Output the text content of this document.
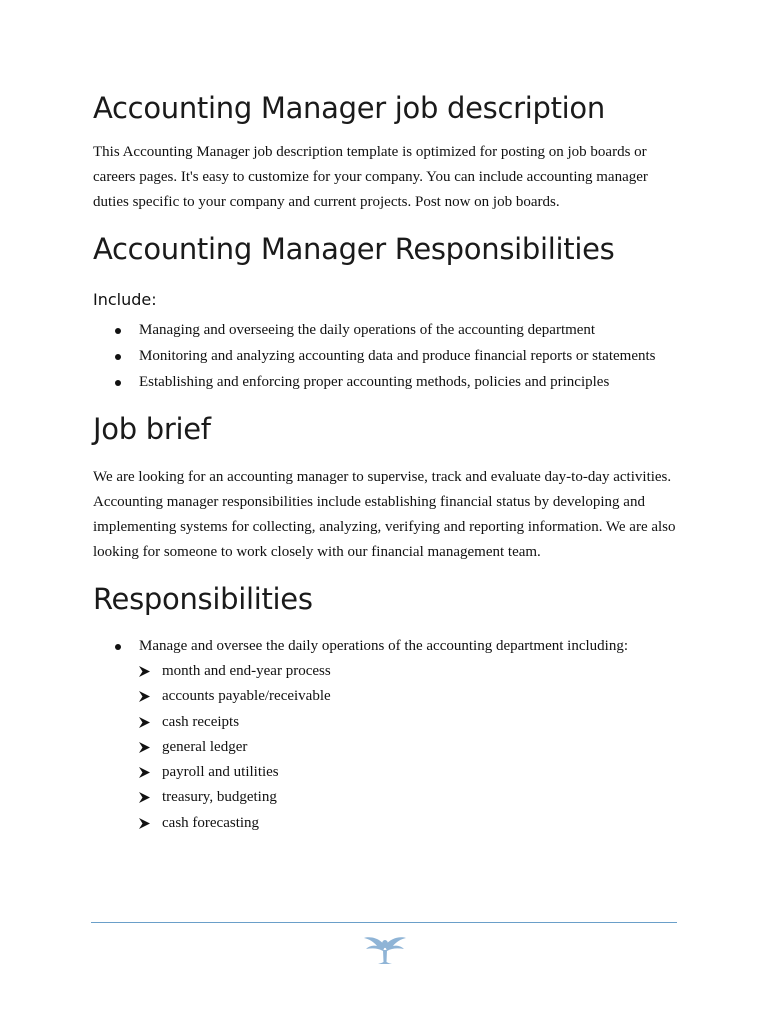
Accounting Manager job description

This Accounting Manager job description template is optimized for posting on job boards or careers pages. It's easy to customize for your company. You can include accounting manager duties specific to your company and current projects. Post now on job boards.

Accounting Manager Responsibilities
Include:
Managing and overseeing the daily operations of the accounting department
Monitoring and analyzing accounting data and produce financial reports or statements
Establishing and enforcing proper accounting methods, policies and principles
Job brief

We are looking for an accounting manager to supervise, track and evaluate day-to-day activities. Accounting manager responsibilities include establishing financial status by developing and implementing systems for collecting, analyzing, verifying and reporting information. We are also looking for someone to work closely with our financial management team.

Responsibilities
Manage and oversee the daily operations of the accounting department including:
month and end-year process
accounts payable/receivable
cash receipts
general ledger
payroll and utilities
treasury, budgeting
cash forecasting
